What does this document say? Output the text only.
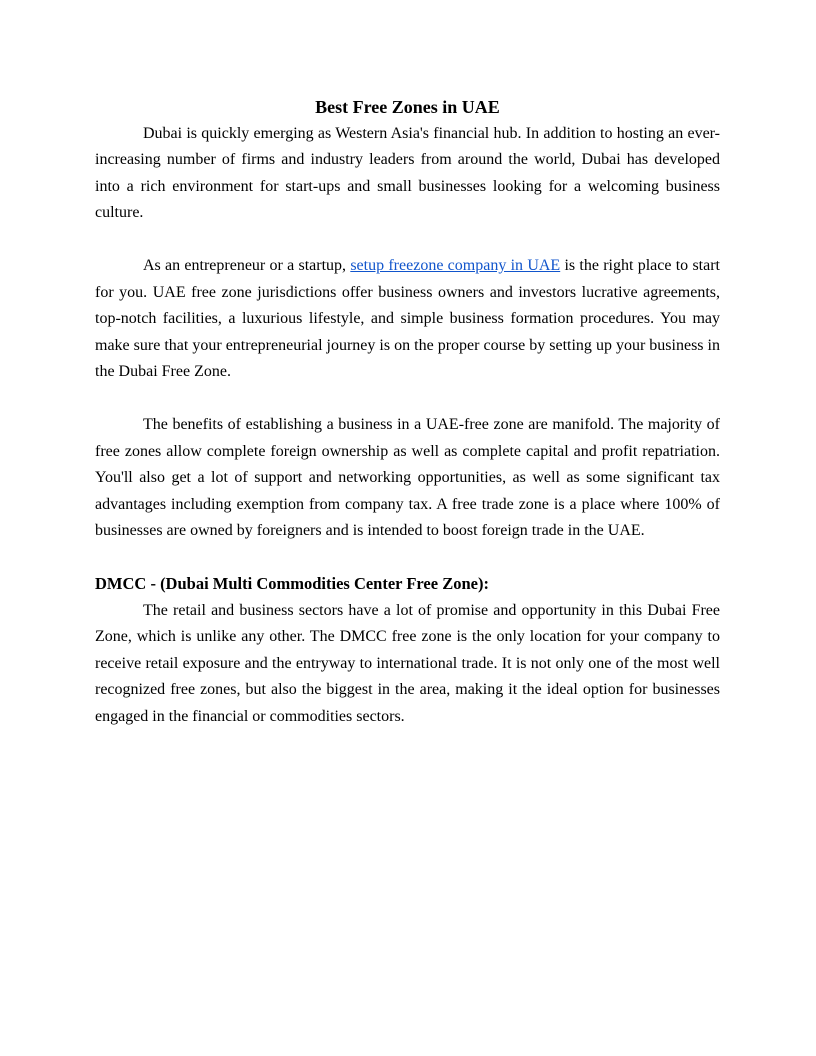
Best Free Zones in UAE

Dubai is quickly emerging as Western Asia's financial hub. In addition to hosting an ever-increasing number of firms and industry leaders from around the world, Dubai has developed into a rich environment for start-ups and small businesses looking for a welcoming business culture.

As an entrepreneur or a startup, setup freezone company in UAE is the right place to start for you. UAE free zone jurisdictions offer business owners and investors lucrative agreements, top-notch facilities, a luxurious lifestyle, and simple business formation procedures. You may make sure that your entrepreneurial journey is on the proper course by setting up your business in the Dubai Free Zone.

The benefits of establishing a business in a UAE-free zone are manifold. The majority of free zones allow complete foreign ownership as well as complete capital and profit repatriation. You'll also get a lot of support and networking opportunities, as well as some significant tax advantages including exemption from company tax. A free trade zone is a place where 100% of businesses are owned by foreigners and is intended to boost foreign trade in the UAE.

DMCC - (Dubai Multi Commodities Center Free Zone):

The retail and business sectors have a lot of promise and opportunity in this Dubai Free Zone, which is unlike any other. The DMCC free zone is the only location for your company to receive retail exposure and the entryway to international trade. It is not only one of the most well recognized free zones, but also the biggest in the area, making it the ideal option for businesses engaged in the financial or commodities sectors.
